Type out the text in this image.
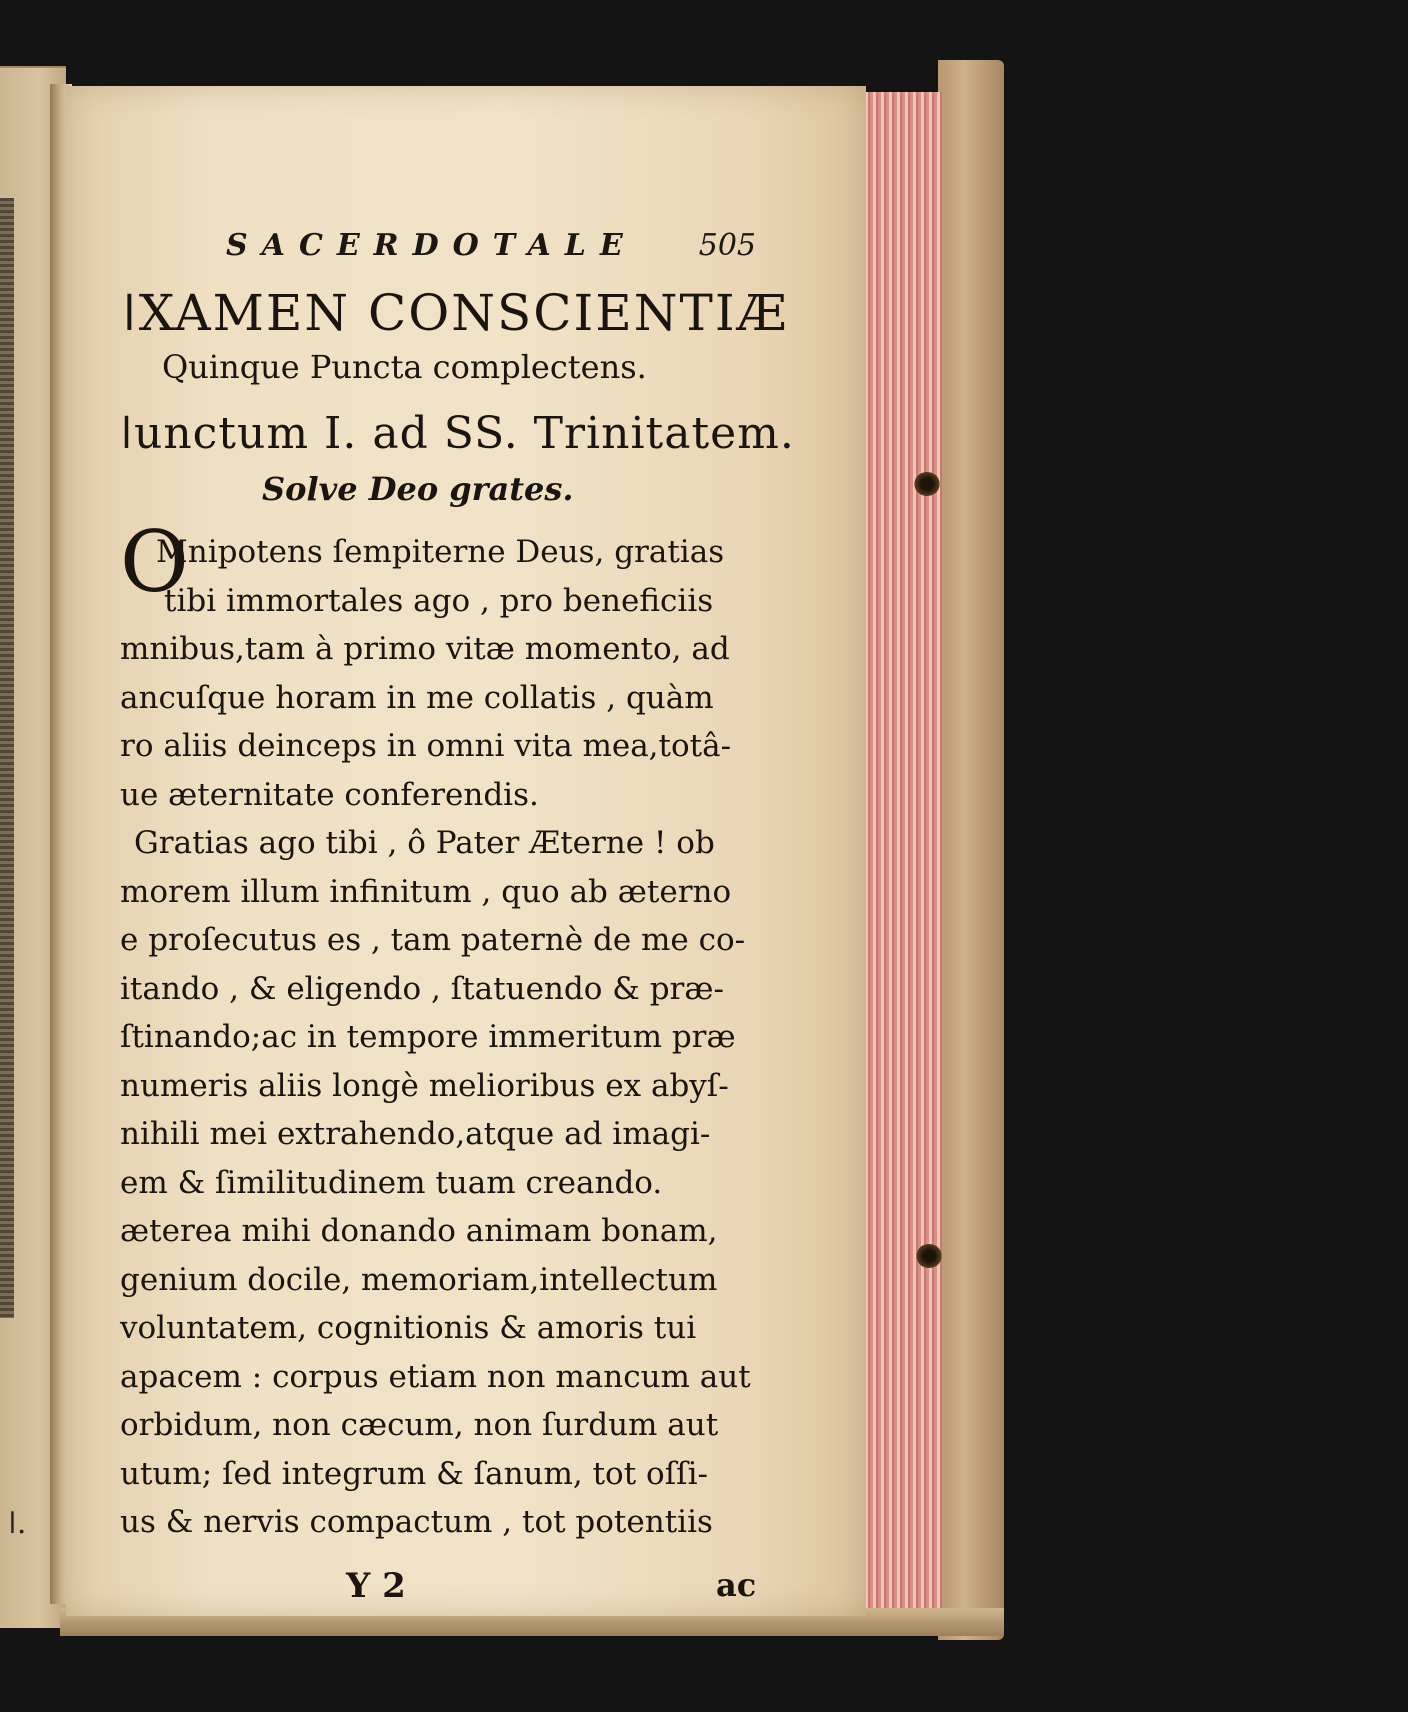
ǀ.
SACERDOTALE 505
ǀXAMEN CONSCIENTIÆ
Quinque Puncta complectens.
ǀunctum I. ad SS. Trinitatem.
Solve Deo grates.
OMnipotens ſempiterne Deus, gratias
tibi immortales ago , pro beneficiis
mnibus,tam à primo vitæ momento, ad
ancuſque horam in me collatis , quàm
ro aliis deinceps in omni vita mea,totâ-
ue æternitate conferendis.
Gratias ago tibi , ô Pater Æterne ! ob
morem illum infinitum , quo ab æterno
e proſecutus es , tam paternè de me co-
itando , & eligendo , ſtatuendo & præ-
ſtinando;ac in tempore immeritum præ
numeris aliis longè melioribus ex abyſ-
nihili mei extrahendo,atque ad imagi-
em & ſimilitudinem tuam creando.
æterea mihi donando animam bonam,
genium docile, memoriam,intellectum
voluntatem, cognitionis & amoris tui
apacem : corpus etiam non mancum aut
orbidum, non cæcum, non ſurdum aut
utum; ſed integrum & ſanum, tot oſſi-
us & nervis compactum , tot potentiis
Y 2	ac
